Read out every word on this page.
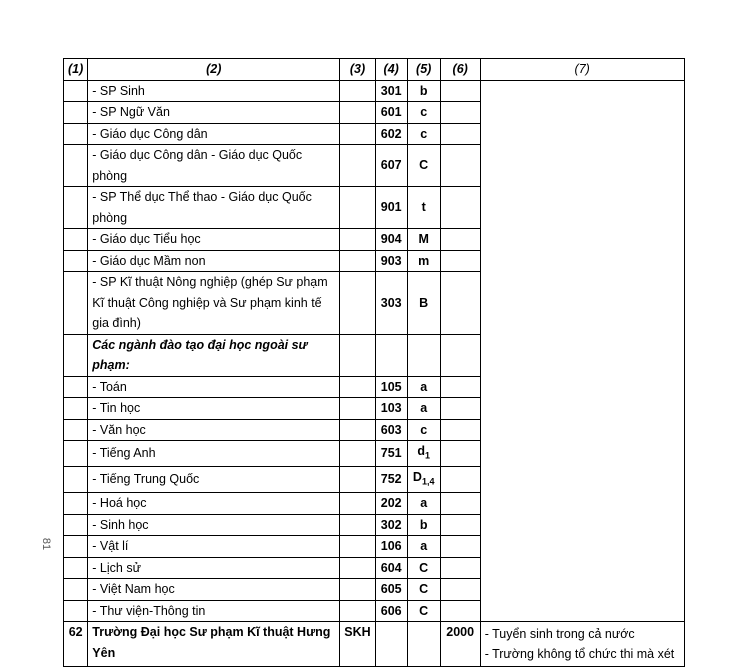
(1)	(2)	(3)	(4)	(5)	(6)	(7)
	- SP Sinh		301	b		
	- SP Ngữ Văn		601	c		
	- Giáo dục Công dân		602	c		
	- Giáo dục Công dân - Giáo dục Quốc phòng		607	C		
	- SP Thể dục Thể thao - Giáo dục Quốc phòng		901	t		
	- Giáo dục Tiểu học		904	M		
	- Giáo dục Mầm non		903	m		
	- SP Kĩ thuật Nông nghiệp (ghép Sư phạm Kĩ thuật Công nghiệp và Sư phạm kinh tế gia đình)		303	B		
	Các ngành đào tạo đại học ngoài sư phạm:					
	- Toán		105	a		
	- Tin học		103	a		
	- Văn học		603	c		
	- Tiếng Anh		751	$d_1$	
	- Tiếng Trung Quốc		752	$D_{1,4}$	
	- Hoá học		202	a		
	- Sinh học		302	b		
	- Vật lí		106	a		
	- Lịch sử		604	C		
	- Việt Nam học		605	C		
	- Thư viện-Thông tin		606	C		
62	Trường Đại học Sư phạm Kĩ thuật Hưng Yên	SKH			2000	- Tuyển sinh trong cả nước
- Trường không tổ chức thi mà xét
81
